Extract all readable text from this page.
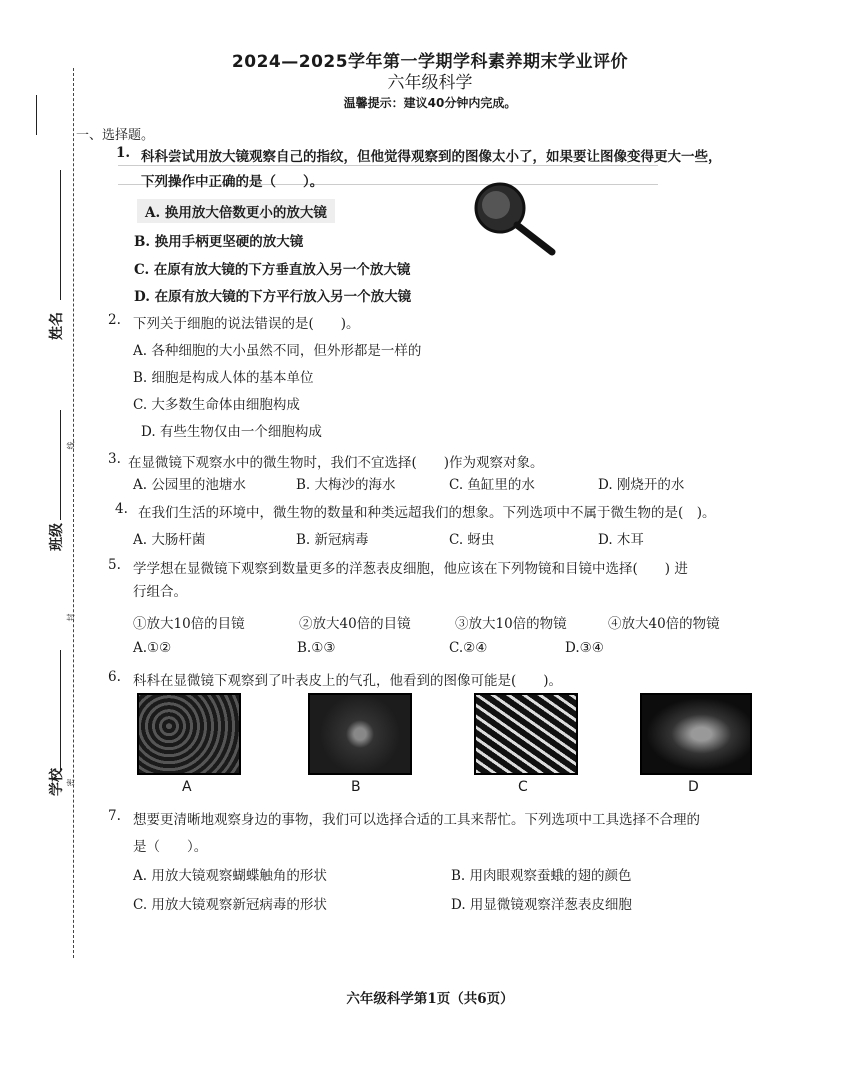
2024—2025学年第一学期学科素养期末学业评价
六年级科学
温馨提示：建议40分钟内完成。
姓名
班级
学校
线
封
密
一、选择题。
1. 科科尝试用放大镜观察自己的指纹，但他觉得观察到的图像太小了，如果要让图像变得更大一些，
下列操作中正确的是（　　）。
A. 换用放大倍数更小的放大镜
B. 换用手柄更坚硬的放大镜
C. 在原有放大镜的下方垂直放入另一个放大镜
D. 在原有放大镜的下方平行放入另一个放大镜
2. 下列关于细胞的说法错误的是(　　)。
A. 各种细胞的大小虽然不同，但外形都是一样的
B. 细胞是构成人体的基本单位
C. 大多数生命体由细胞构成
D. 有些生物仅由一个细胞构成
3. 在显微镜下观察水中的微生物时，我们不宜选择(　　)作为观察对象。
A. 公园里的池塘水	B. 大梅沙的海水	C. 鱼缸里的水	D. 刚烧开的水
4. 在我们生活的环境中，微生物的数量和种类远超我们的想象。下列选项中不属于微生物的是(　)。
A. 大肠杆菌	B. 新冠病毒	C. 蚜虫	D. 木耳
5. 学学想在显微镜下观察到数量更多的洋葱表皮细胞，他应该在下列物镜和目镜中选择(　　) 进
行组合。
①放大10倍的目镜	②放大40倍的目镜	③放大10倍的物镜	④放大40倍的物镜
A.①②	B.①③	C.②④	D.③④
6. 科科在显微镜下观察到了叶表皮上的气孔，他看到的图像可能是(　　)。
A	B	C	D
7. 想要更清晰地观察身边的事物，我们可以选择合适的工具来帮忙。下列选项中工具选择不合理的
是（　　）。
A. 用放大镜观察蝴蝶触角的形状	B. 用肉眼观察蚕蛾的翅的颜色
C. 用放大镜观察新冠病毒的形状	D. 用显微镜观察洋葱表皮细胞
六年级科学第1页（共6页）
